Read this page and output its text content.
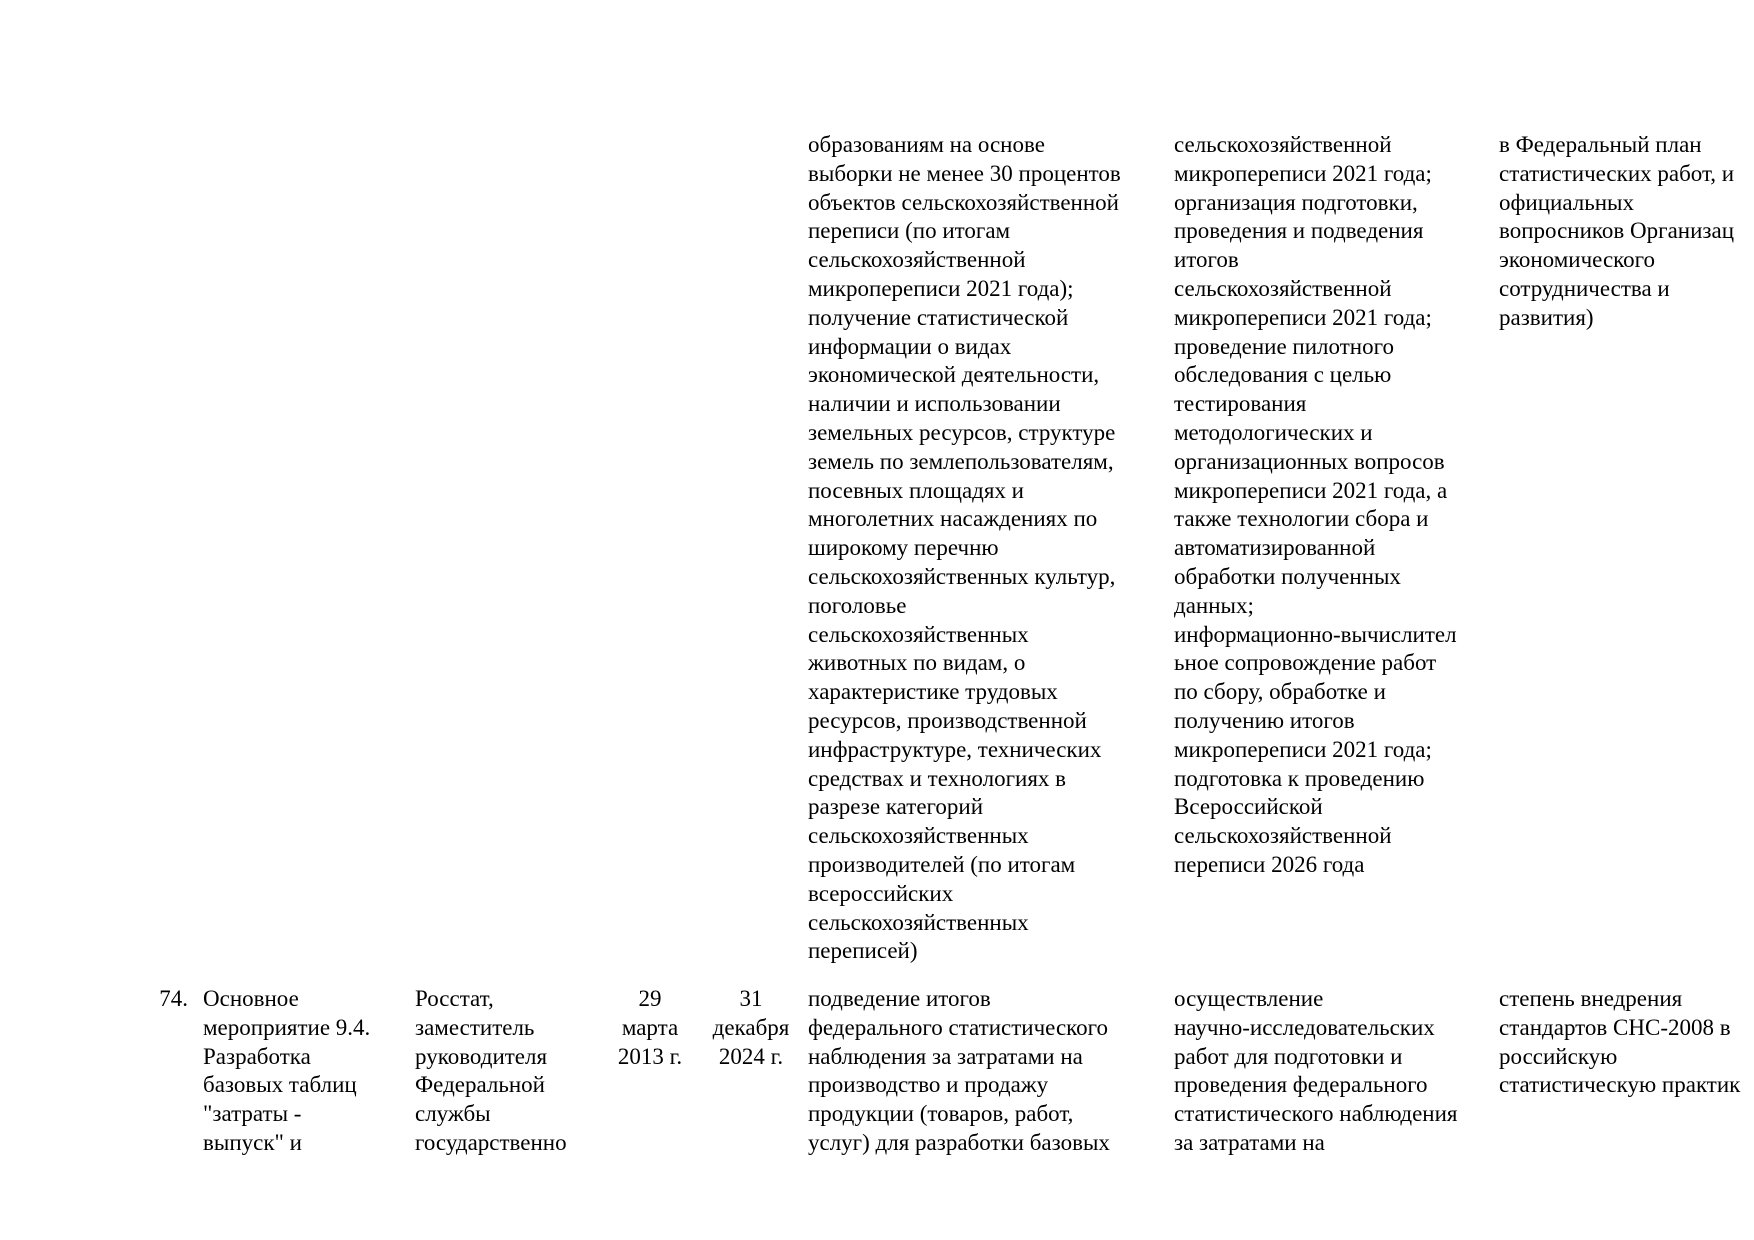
образованиям на основе
выборки не менее 30 процентов
объектов сельскохозяйственной
переписи (по итогам
сельскохозяйственной
микропереписи 2021 года);
получение статистической
информации о видах
экономической деятельности,
наличии и использовании
земельных ресурсов, структуре
земель по землепользователям,
посевных площадях и
многолетних насаждениях по
широкому перечню
сельскохозяйственных культур,
поголовье
сельскохозяйственных
животных по видам, о
характеристике трудовых
ресурсов, производственной
инфраструктуре, технических
средствах и технологиях в
разрезе категорий
сельскохозяйственных
производителей (по итогам
всероссийских
сельскохозяйственных
переписей)
сельскохозяйственной
микропереписи 2021 года;
организация подготовки,
проведения и подведения
итогов
сельскохозяйственной
микропереписи 2021 года;
проведение пилотного
обследования с целью
тестирования
методологических и
организационных вопросов
микропереписи 2021 года, а
также технологии сбора и
автоматизированной
обработки полученных
данных;
информационно-вычислител
ьное сопровождение работ
по сбору, обработке и
получению итогов
микропереписи 2021 года;
подготовка к проведению
Всероссийской
сельскохозяйственной
переписи 2026 года
в Федеральный план
статистических работ, и
официальных
вопросников Организац
экономического
сотрудничества и
развития)
74. Основное
мероприятие 9.4.
Разработка
базовых таблиц
"затраты -
выпуск" и
Росстат,
заместитель
руководителя
Федеральной
службы
государственно
29
марта
2013 г.
31
декабря
2024 г.
подведение итогов
федерального статистического
наблюдения за затратами на
производство и продажу
продукции (товаров, работ,
услуг) для разработки базовых
осуществление
научно-исследовательских
работ для подготовки и
проведения федерального
статистического наблюдения
за затратами на
степень внедрения
стандартов СНС-2008 в
российскую
статистическую практик
